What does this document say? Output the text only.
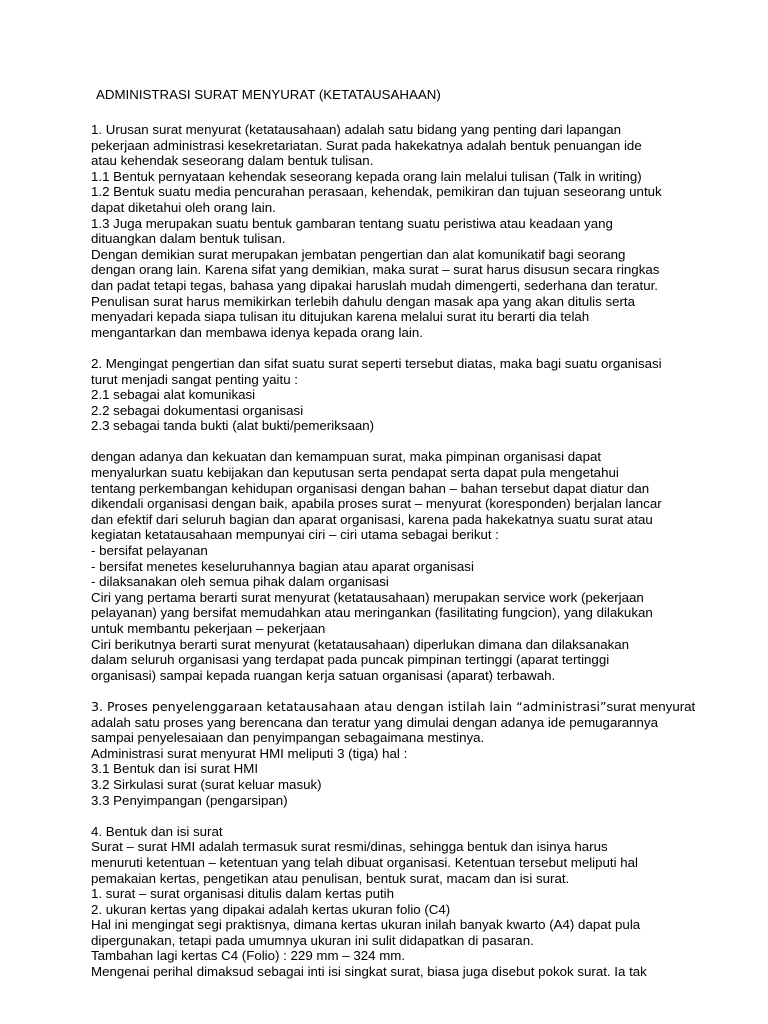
ADMINISTRASI SURAT MENYURAT (KETATAUSAHAAN)
1. Urusan surat menyurat (ketatausahaan) adalah satu bidang yang penting dari lapangan
pekerjaan administrasi kesekretariatan. Surat pada hakekatnya adalah bentuk penuangan ide
atau kehendak seseorang dalam bentuk tulisan.
1.1 Bentuk pernyataan kehendak seseorang kepada orang lain melalui tulisan (Talk in writing)
1.2 Bentuk suatu media pencurahan perasaan, kehendak, pemikiran dan tujuan seseorang untuk
dapat diketahui oleh orang lain.
1.3 Juga merupakan suatu bentuk gambaran tentang suatu peristiwa atau keadaan yang
dituangkan dalam bentuk tulisan.
Dengan demikian surat merupakan jembatan pengertian dan alat komunikatif bagi seorang
dengan orang lain. Karena sifat yang demikian, maka surat – surat harus disusun secara ringkas
dan padat tetapi tegas, bahasa yang dipakai haruslah mudah dimengerti, sederhana dan teratur.
Penulisan surat harus memikirkan terlebih dahulu dengan masak apa yang akan ditulis serta
menyadari kepada siapa tulisan itu ditujukan karena melalui surat itu berarti dia telah
mengantarkan dan membawa idenya kepada orang lain.
2. Mengingat pengertian dan sifat suatu surat seperti tersebut diatas, maka bagi suatu organisasi
turut menjadi sangat penting yaitu :
2.1 sebagai alat komunikasi
2.2 sebagai dokumentasi organisasi
2.3 sebagai tanda bukti (alat bukti/pemeriksaan)
dengan adanya dan kekuatan dan kemampuan surat, maka pimpinan organisasi dapat
menyalurkan suatu kebijakan dan keputusan serta pendapat serta dapat pula mengetahui
tentang perkembangan kehidupan organisasi dengan bahan – bahan tersebut dapat diatur dan
dikendali organisasi dengan baik, apabila proses surat – menyurat (koresponden) berjalan lancar
dan efektif dari seluruh bagian dan aparat organisasi, karena pada hakekatnya suatu surat atau
kegiatan ketatausahaan mempunyai ciri – ciri utama sebagai berikut :
- bersifat pelayanan
- bersifat menetes keseluruhannya bagian atau aparat organisasi
- dilaksanakan oleh semua pihak dalam organisasi
Ciri yang pertama berarti surat menyurat (ketatausahaan) merupakan service work (pekerjaan
pelayanan) yang bersifat memudahkan atau meringankan (fasilitating fungcion), yang dilakukan
untuk membantu pekerjaan – pekerjaan
Ciri berikutnya berarti surat menyurat (ketatausahaan) diperlukan dimana dan dilaksanakan
dalam seluruh organisasi yang terdapat pada puncak pimpinan tertinggi (aparat tertinggi
organisasi) sampai kepada ruangan kerja satuan organisasi (aparat) terbawah.
3. Proses penyelenggaraan ketatausahaan atau dengan istilah lain “administrasi”surat menyurat
adalah satu proses yang berencana dan teratur yang dimulai dengan adanya ide pemugarannya
sampai penyelesaiaan dan penyimpangan sebagaimana mestinya.
Administrasi surat menyurat HMI meliputi 3 (tiga) hal :
3.1 Bentuk dan isi surat HMI
3.2 Sirkulasi surat (surat keluar masuk)
3.3 Penyimpangan (pengarsipan)
4. Bentuk dan isi surat
Surat – surat HMI adalah termasuk surat resmi/dinas, sehingga bentuk dan isinya harus
menuruti ketentuan – ketentuan yang telah dibuat organisasi. Ketentuan tersebut meliputi hal
pemakaian kertas, pengetikan atau penulisan, bentuk surat, macam dan isi surat.
1. surat – surat organisasi ditulis dalam kertas putih
2. ukuran kertas yang dipakai adalah kertas ukuran folio (C4)
Hal ini mengingat segi praktisnya, dimana kertas ukuran inilah banyak kwarto (A4) dapat pula
dipergunakan, tetapi pada umumnya ukuran ini sulit didapatkan di pasaran.
Tambahan lagi kertas C4 (Folio) : 229 mm – 324 mm.
Mengenai perihal dimaksud sebagai inti isi singkat surat, biasa juga disebut pokok surat. Ia tak
